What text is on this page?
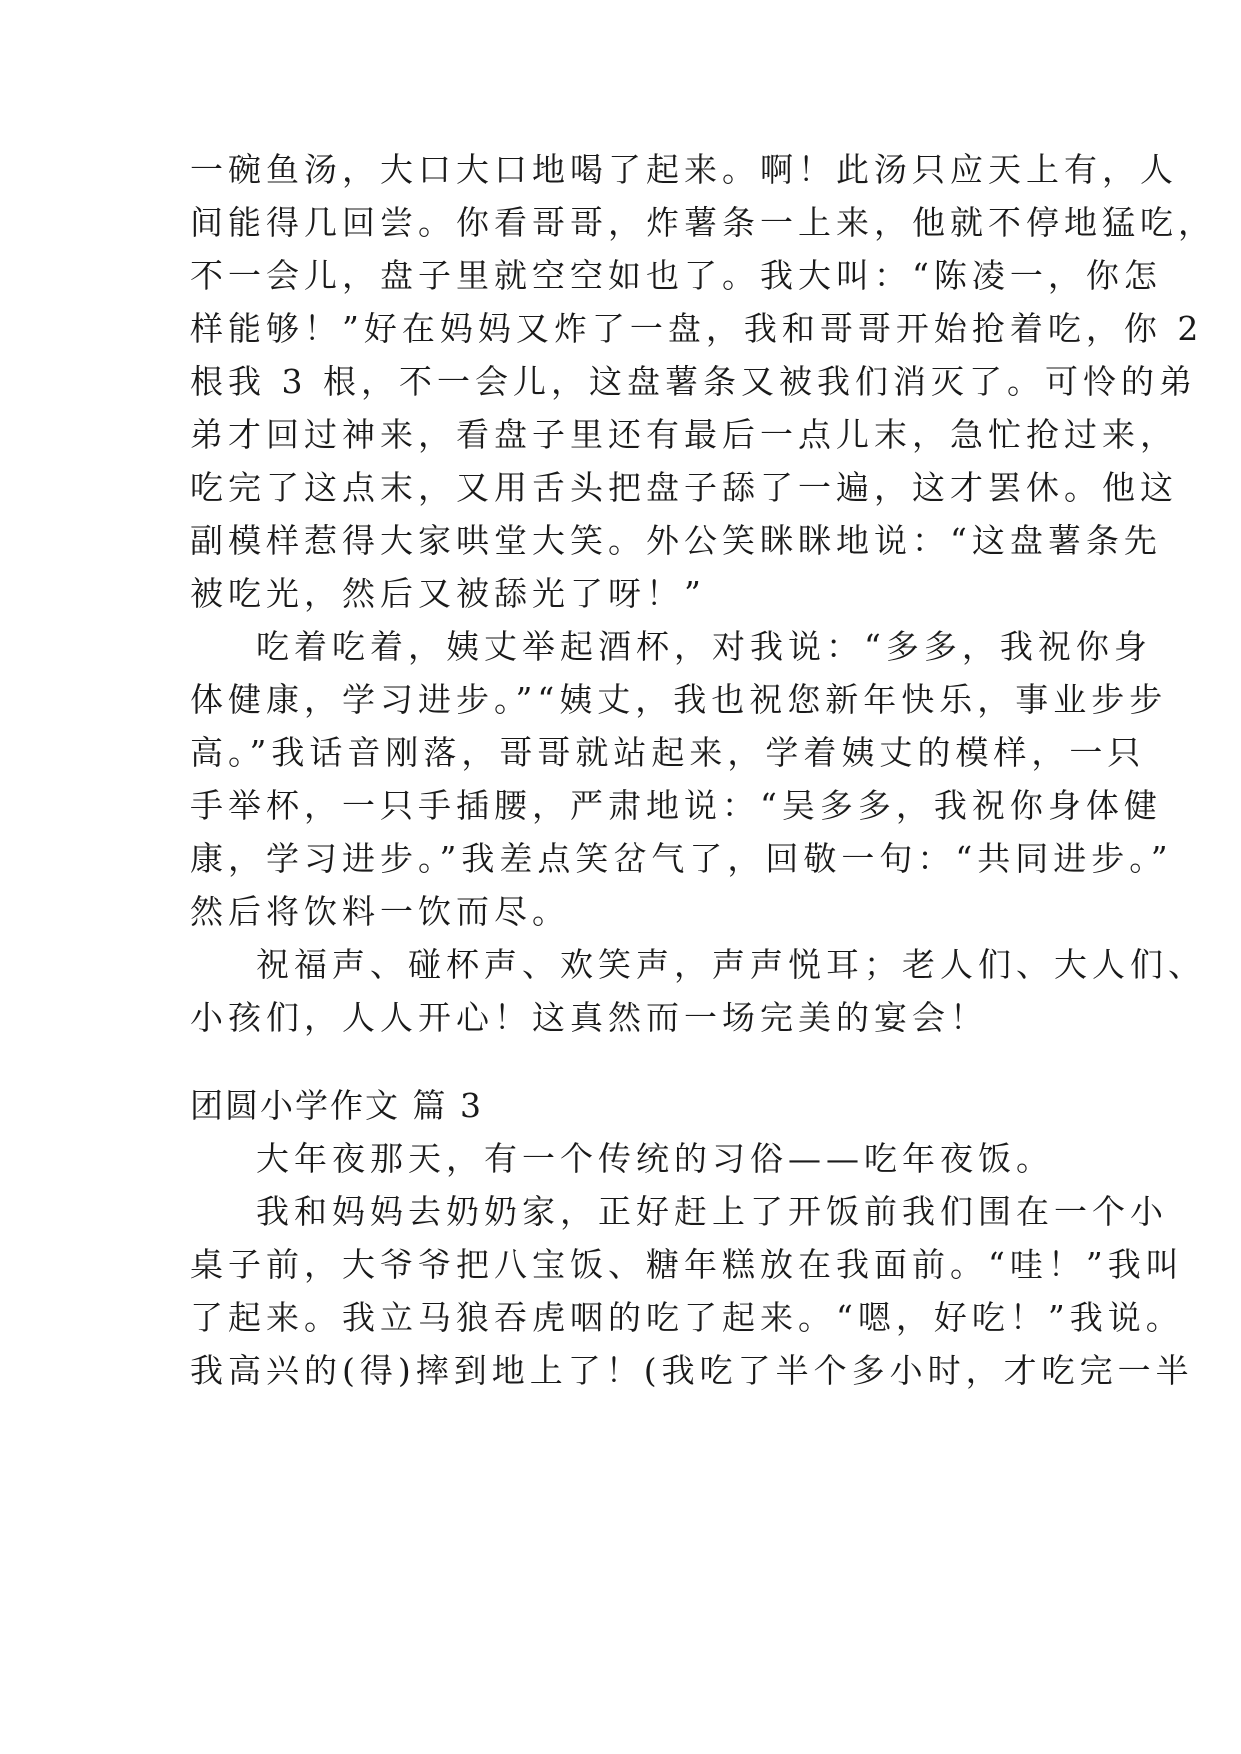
一碗鱼汤，大口大口地喝了起来。啊！此汤只应天上有，人
间能得几回尝。你看哥哥，炸薯条一上来，他就不停地猛吃，
不一会儿，盘子里就空空如也了。我大叫：“陈凌一，你怎
样能够！”好在妈妈又炸了一盘，我和哥哥开始抢着吃，你 2
根我 3 根，不一会儿，这盘薯条又被我们消灭了。可怜的弟
弟才回过神来，看盘子里还有最后一点儿末，急忙抢过来，
吃完了这点末，又用舌头把盘子舔了一遍，这才罢休。他这
副模样惹得大家哄堂大笑。外公笑眯眯地说：“这盘薯条先
被吃光，然后又被舔光了呀！”
吃着吃着，姨丈举起酒杯，对我说：“多多，我祝你身
体健康，学习进步。”“姨丈，我也祝您新年快乐，事业步步
高。”我话音刚落，哥哥就站起来，学着姨丈的模样，一只
手举杯，一只手插腰，严肃地说：“吴多多，我祝你身体健
康，学习进步。”我差点笑岔气了，回敬一句：“共同进步。”
然后将饮料一饮而尽。
祝福声、碰杯声、欢笑声，声声悦耳；老人们、大人们、
小孩们，人人开心！这真然而一场完美的宴会！
团圆小学作文 篇 3
大年夜那天，有一个传统的习俗——吃年夜饭。
我和妈妈去奶奶家，正好赶上了开饭前我们围在一个小
桌子前，大爷爷把八宝饭、糖年糕放在我面前。“哇！”我叫
了起来。我立马狼吞虎咽的吃了起来。“嗯，好吃！”我说。
我高兴的(得)摔到地上了！(我吃了半个多小时，才吃完一半
